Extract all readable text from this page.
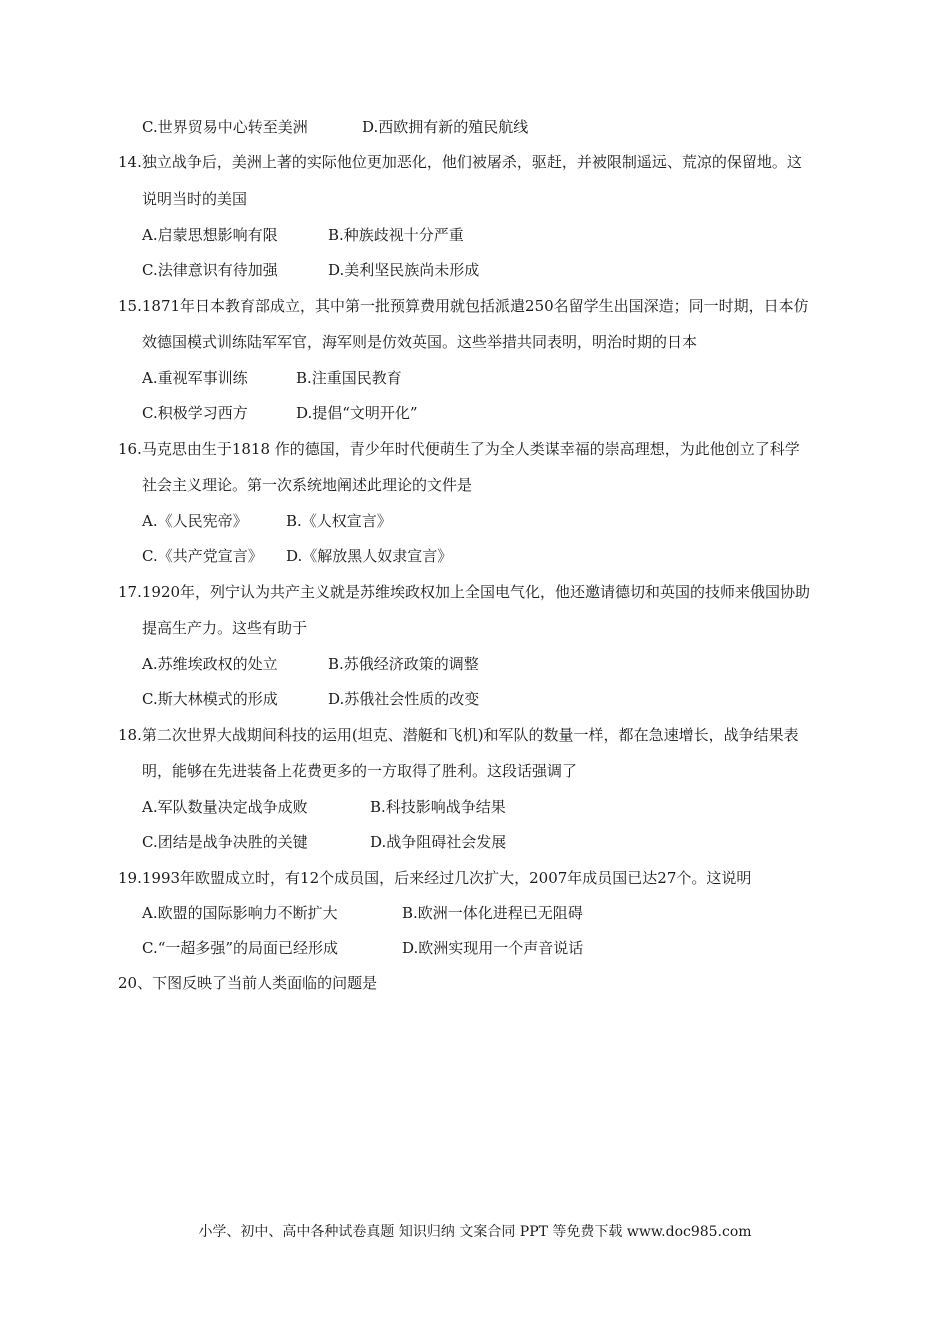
C.世界贸易中心转至美洲	D.西欧拥有新的殖民航线
14.独立战争后，美洲上著的实际他位更加恶化，他们被屠杀，驱赶，并被限制遥远、荒凉的保留地。这
说明当时的美国
A.启蒙思想影响有限	B.种族歧视十分严重
C.法律意识有待加强	D.美利坚民族尚未形成
15.1871年日本教育部成立，其中第一批预算费用就包括派遣250名留学生出国深造；同一时期，日本仿
效德国模式训练陆军军官，海军则是仿效英国。这些举措共同表明，明治时期的日本
A.重视军事训练	B.注重国民教育
C.积极学习西方	D.提倡“文明开化”
16.马克思由生于1818 作的德国，青少年时代便萌生了为全人类谋幸福的崇高理想，为此他创立了科学
社会主义理论。第一次系统地阐述此理论的文件是
A.《人民宪帝》	B.《人权宣言》
C.《共产党宣言》 D.《解放黑人奴隶宣言》
17.1920年，列宁认为共产主义就是苏维埃政权加上全国电气化，他还邀请德切和英国的技师来俄国协助
提高生产力。这些有助于
A.苏维埃政权的处立	B.苏俄经济政策的调整
C.斯大林模式的形成	D.苏俄社会性质的改变
18.第二次世界大战期间科技的运用(坦克、潜艇和飞机)和军队的数量一样，都在急速增长，战争结果表
明，能够在先进装备上花费更多的一方取得了胜利。这段话强调了
A.军队数量决定战争成败	B.科技影响战争结果
C.团结是战争决胜的关键	D.战争阻碍社会发展
19.1993年欧盟成立时，有12个成员国，后来经过几次扩大，2007年成员国已达27个。这说明
A.欧盟的国际影响力不断扩大	B.欧洲一体化进程已无阻碍
C.“一超多强”的局面已经形成	D.欧洲实现用一个声音说话
20、下图反映了当前人类面临的问题是
小学、初中、高中各种试卷真题 知识归纳 文案合同 PPT 等免费下载 www.doc985.com
